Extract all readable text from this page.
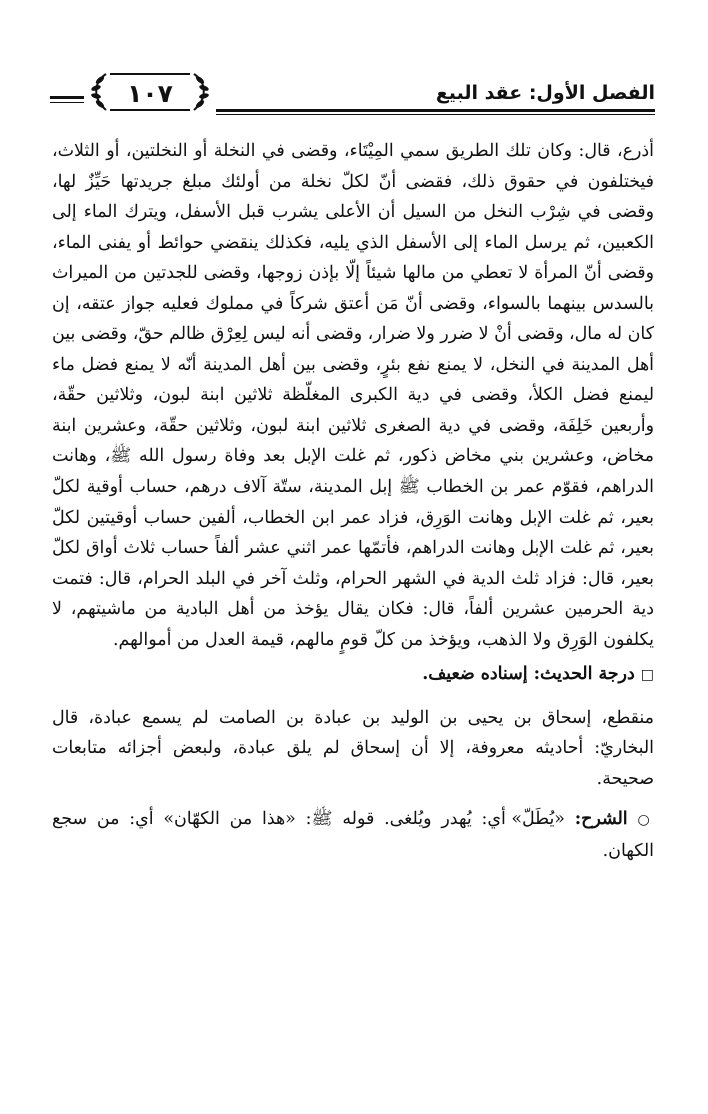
١٠٧	الفصل الأول: عقد البيع

أذرع، قال: وكان تلك الطريق سمي المِيْتَاء، وقضى في النخلة أو النخلتين، أو الثلاث، فيختلفون في حقوق ذلك، فقضى أنّ لكلّ نخلة من أولئك مبلغ جريدتها حَيِّزٌ لها، وقضى في شِرْب النخل من السيل أن الأعلى يشرب قبل الأسفل، ويترك الماء إلى الكعبين، ثم يرسل الماء إلى الأسفل الذي يليه، فكذلك ينقضي حوائط أو يفنى الماء، وقضى أنّ المرأة لا تعطي من مالها شيئاً إلّا بإذن زوجها، وقضى للجدتين من الميراث بالسدس بينهما بالسواء، وقضى أنّ مَن أعتق شركاً في مملوك فعليه جواز عتقه، إن كان له مال، وقضى أنْ لا ضرر ولا ضرار، وقضى أنه ليس لِعِرْق ظالم حقّ، وقضى بين أهل المدينة في النخل، لا يمنع نفع بئرٍ، وقضى بين أهل المدينة أنّه لا يمنع فضل ماء ليمنع فضل الكلأ، وقضى في دية الكبرى المغلّظة ثلاثين ابنة لبون، وثلاثين حقّة، وأربعين خَلِفَة، وقضى في دية الصغرى ثلاثين ابنة لبون، وثلاثين حقّة، وعشرين ابنة مخاض، وعشرين بني مخاض ذكور، ثم غلت الإبل بعد وفاة رسول الله ﷺ، وهانت الدراهم، فقوّم عمر بن الخطاب ﷺ إبل المدينة، ستّة آلاف درهم، حساب أوقية لكلّ بعير، ثم غلت الإبل وهانت الوَرِق، فزاد عمر ابن الخطاب، ألفين حساب أوقيتين لكلّ بعير، ثم غلت الإبل وهانت الدراهم، فأتمّها عمر اثني عشر ألفاً حساب ثلاث أواق لكلّ بعير، قال: فزاد ثلث الدية في الشهر الحرام، وثلث آخر في البلد الحرام، قال: فتمت دية الحرمين عشرين ألفاً، قال: فكان يقال يؤخذ من أهل البادية من ماشيتهم، لا يكلفون الوَرِق ولا الذهب، ويؤخذ من كلّ قومٍ مالهم، قيمة العدل من أموالهم.

□ درجة الحديث: إسناده ضعيف.

منقطع، إسحاق بن يحيى بن الوليد بن عبادة بن الصامت لم يسمع عبادة، قال البخاريّ: أحاديثه معروفة، إلا أن إسحاق لم يلق عبادة، ولبعض أجزائه متابعات صحيحة.

○ الشرح: «يُطَلّ» أي: يُهدر ويُلغى. قوله ﷺ: «هذا من الكهّان» أي: من سجع الكهان.
